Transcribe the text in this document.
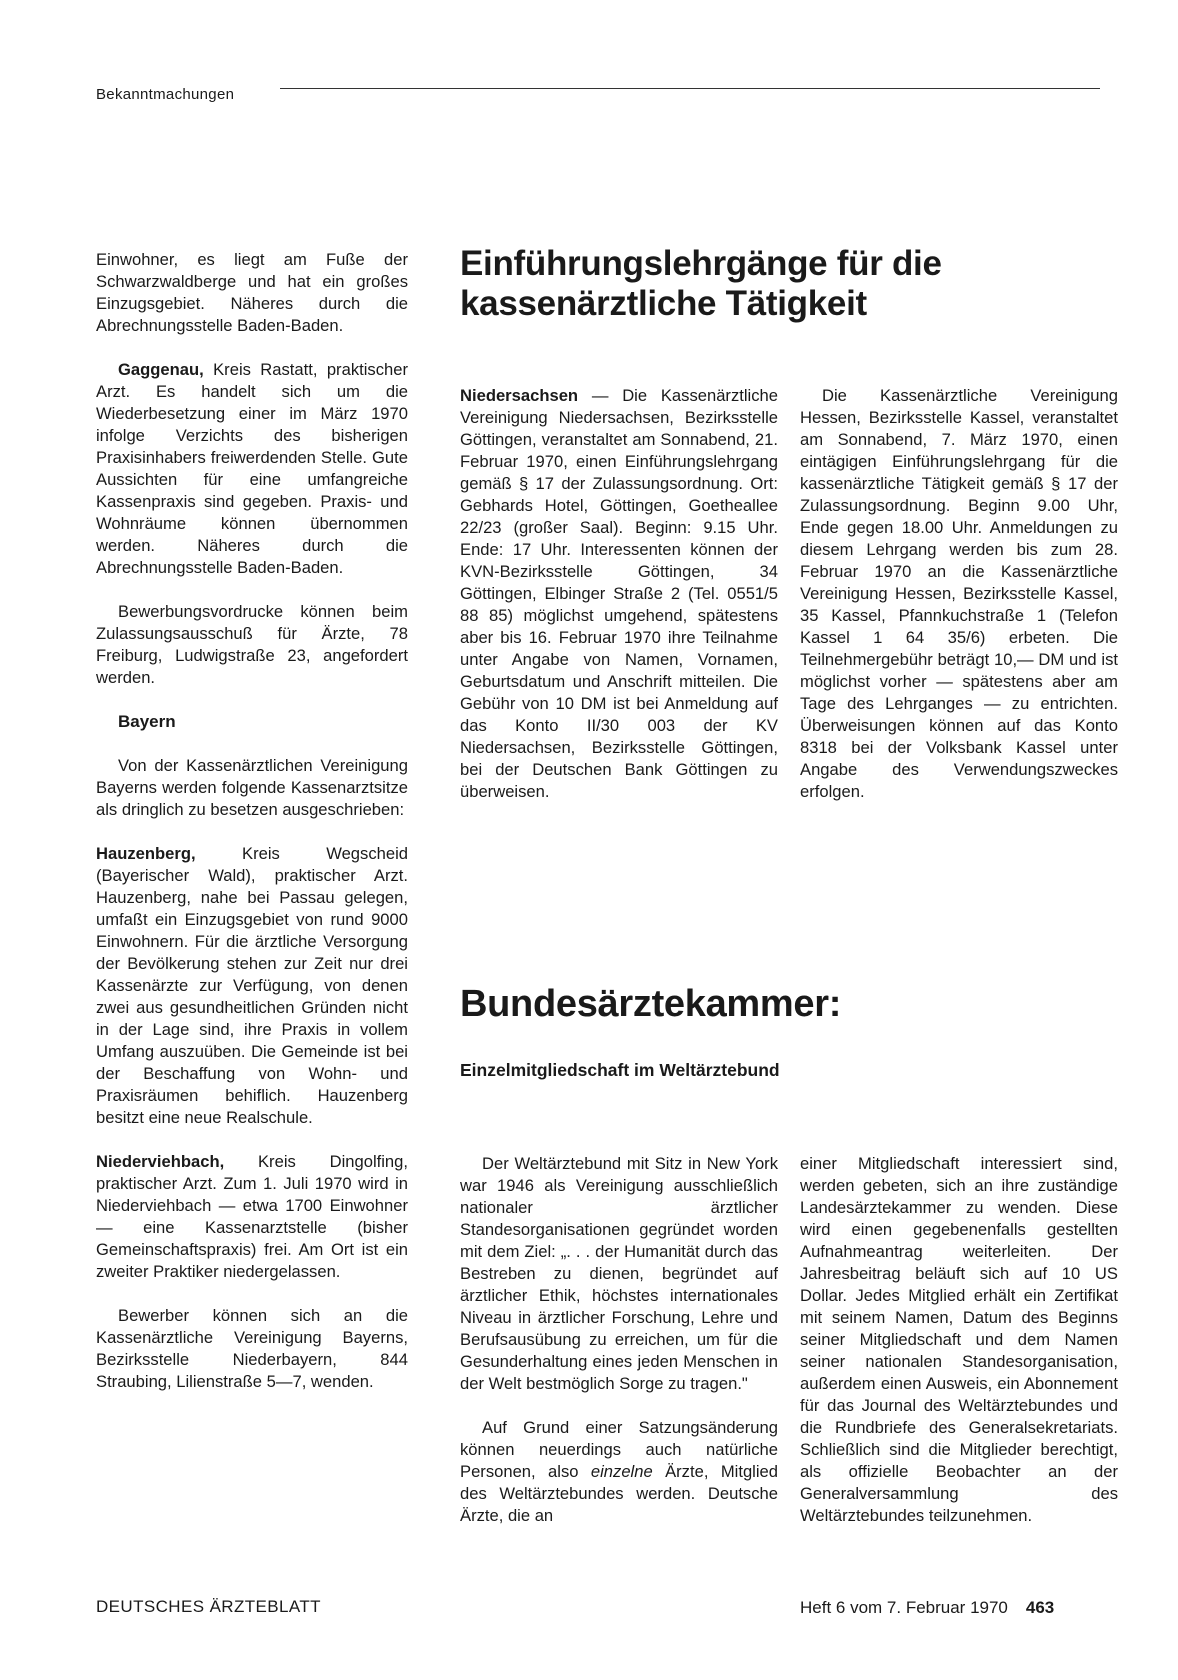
Bekanntmachungen

Einwohner, es liegt am Fuße der Schwarzwaldberge und hat ein großes Einzugsgebiet. Näheres durch die Abrechnungsstelle Baden-Baden.

Gaggenau, Kreis Rastatt, praktischer Arzt. Es handelt sich um die Wiederbesetzung einer im März 1970 infolge Verzichts des bisherigen Praxisinhabers freiwerdenden Stelle. Gute Aussichten für eine umfangreiche Kassenpraxis sind gegeben. Praxis- und Wohnräume können übernommen werden. Näheres durch die Abrechnungsstelle Baden-Baden.

Bewerbungsvordrucke können beim Zulassungsausschuß für Ärzte, 78 Freiburg, Ludwigstraße 23, angefordert werden.

Bayern

Von der Kassenärztlichen Vereinigung Bayerns werden folgende Kassenarztsitze als dringlich zu besetzen ausgeschrieben:

Hauzenberg, Kreis Wegscheid (Bayerischer Wald), praktischer Arzt. Hauzenberg, nahe bei Passau gelegen, umfaßt ein Einzugsgebiet von rund 9000 Einwohnern. Für die ärztliche Versorgung der Bevölkerung stehen zur Zeit nur drei Kassenärzte zur Verfügung, von denen zwei aus gesundheitlichen Gründen nicht in der Lage sind, ihre Praxis in vollem Umfang auszuüben. Die Gemeinde ist bei der Beschaffung von Wohn- und Praxisräumen behiflich. Hauzenberg besitzt eine neue Realschule.

Niederviehbach, Kreis Dingolfing, praktischer Arzt. Zum 1. Juli 1970 wird in Niederviehbach — etwa 1700 Einwohner — eine Kassenarztstelle (bisher Gemeinschaftspraxis) frei. Am Ort ist ein zweiter Praktiker niedergelassen.

Bewerber können sich an die Kassenärztliche Vereinigung Bayerns, Bezirksstelle Niederbayern, 844 Straubing, Lilienstraße 5—7, wenden.

Einführungslehrgänge für die kassenärztliche Tätigkeit

Niedersachsen — Die Kassenärztliche Vereinigung Niedersachsen, Bezirksstelle Göttingen, veranstaltet am Sonnabend, 21. Februar 1970, einen Einführungslehrgang gemäß § 17 der Zulassungsordnung. Ort: Gebhards Hotel, Göttingen, Goetheallee 22/23 (großer Saal). Beginn: 9.15 Uhr. Ende: 17 Uhr. Interessenten können der KVN-Bezirksstelle Göttingen, 34 Göttingen, Elbinger Straße 2 (Tel. 0551/5 88 85) möglichst umgehend, spätestens aber bis 16. Februar 1970 ihre Teilnahme unter Angabe von Namen, Vornamen, Geburtsdatum und Anschrift mitteilen. Die Gebühr von 10 DM ist bei Anmeldung auf das Konto II/30 003 der KV Niedersachsen, Bezirksstelle Göttingen, bei der Deutschen Bank Göttingen zu überweisen.

Die Kassenärztliche Vereinigung Hessen, Bezirksstelle Kassel, veranstaltet am Sonnabend, 7. März 1970, einen eintägigen Einführungslehrgang für die kassenärztliche Tätigkeit gemäß § 17 der Zulassungsordnung. Beginn 9.00 Uhr, Ende gegen 18.00 Uhr. Anmeldungen zu diesem Lehrgang werden bis zum 28. Februar 1970 an die Kassenärztliche Vereinigung Hessen, Bezirksstelle Kassel, 35 Kassel, Pfannkuchstraße 1 (Telefon Kassel 1 64 35/6) erbeten. Die Teilnehmergebühr beträgt 10,— DM und ist möglichst vorher — spätestens aber am Tage des Lehrganges — zu entrichten. Überweisungen können auf das Konto 8318 bei der Volksbank Kassel unter Angabe des Verwendungszweckes erfolgen.

Bundesärztekammer:
Einzelmitgliedschaft im Weltärztebund

Der Weltärztebund mit Sitz in New York war 1946 als Vereinigung ausschließlich nationaler ärztlicher Standesorganisationen gegründet worden mit dem Ziel: „. . . der Humanität durch das Bestreben zu dienen, begründet auf ärztlicher Ethik, höchstes internationales Niveau in ärztlicher Forschung, Lehre und Berufsausübung zu erreichen, um für die Gesunderhaltung eines jeden Menschen in der Welt bestmöglich Sorge zu tragen."

Auf Grund einer Satzungsänderung können neuerdings auch natürliche Personen, also einzelne Ärzte, Mitglied des Weltärztebundes werden. Deutsche Ärzte, die an

einer Mitgliedschaft interessiert sind, werden gebeten, sich an ihre zuständige Landesärztekammer zu wenden. Diese wird einen gegebenenfalls gestellten Aufnahmeantrag weiterleiten. Der Jahresbeitrag beläuft sich auf 10 US Dollar. Jedes Mitglied erhält ein Zertifikat mit seinem Namen, Datum des Beginns seiner Mitgliedschaft und dem Namen seiner nationalen Standesorganisation, außerdem einen Ausweis, ein Abonnement für das Journal des Weltärztebundes und die Rundbriefe des Generalsekretariats. Schließlich sind die Mitglieder berechtigt, als offizielle Beobachter an der Generalversammlung des Weltärztebundes teilzunehmen.

DEUTSCHES ÄRZTEBLATT	Heft 6 vom 7. Februar 1970 463
